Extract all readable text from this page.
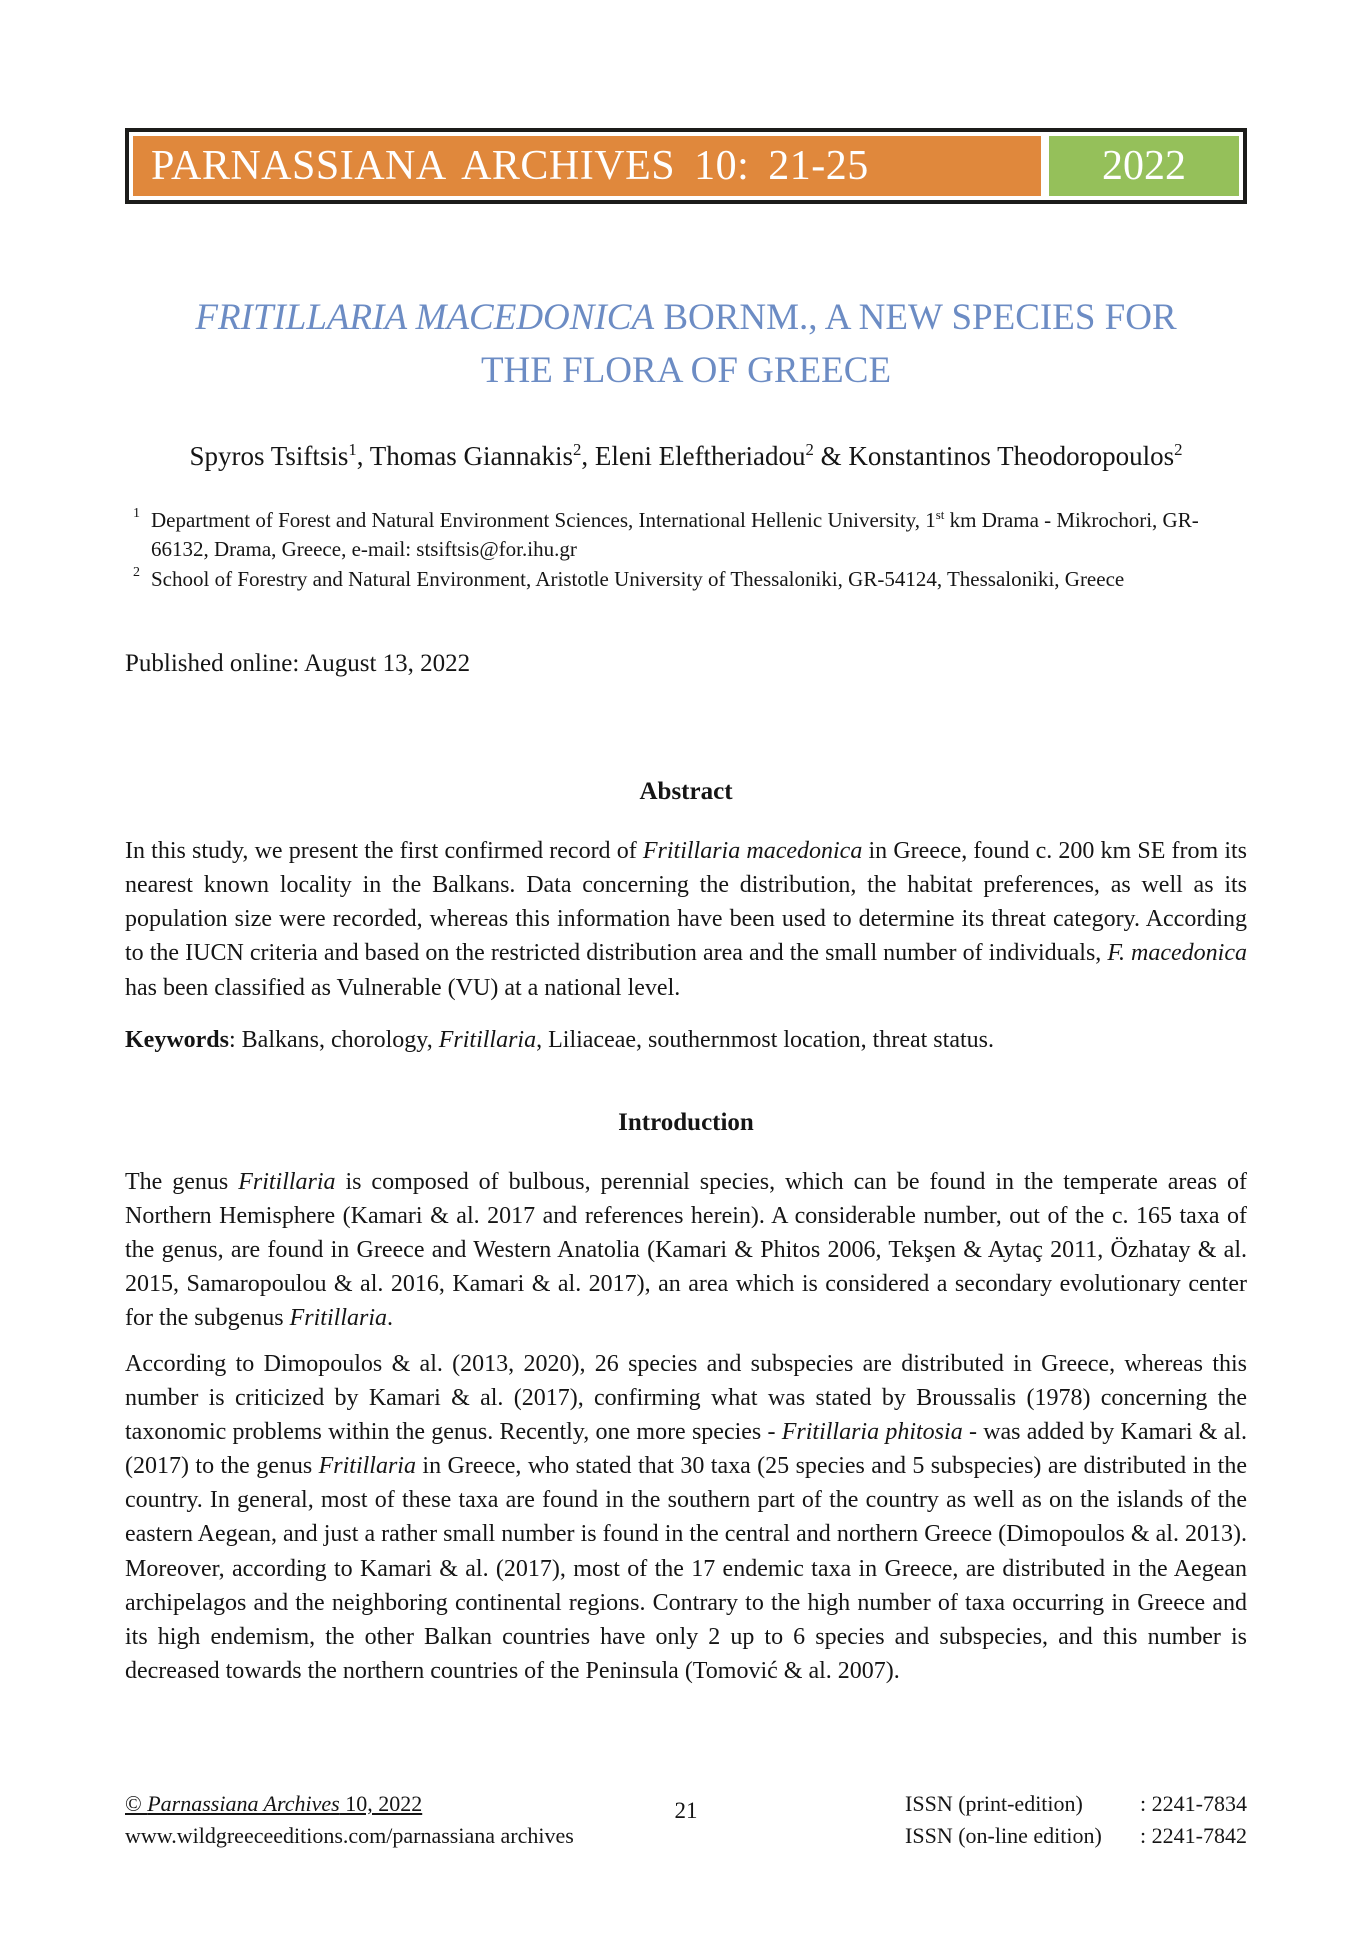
PARNASSIANA ARCHIVES 10: 21-25	2022
FRITILLARIA MACEDONICA BORNM., A NEW SPECIES FOR
THE FLORA OF GREECE
Spyros Tsiftsis$^1$, Thomas Giannakis$^2$, Eleni Eleftheriadou$^2$ & Konstantinos Theodoropoulos$^2$
1 Department of Forest and Natural Environment Sciences, International Hellenic University, 1st km Drama - Mikrochori, GR-66132, Drama, Greece, e-mail: stsiftsis@for.ihu.gr
2 School of Forestry and Natural Environment, Aristotle University of Thessaloniki, GR-54124, Thessaloniki, Greece
Published online: August 13, 2022
Abstract

In this study, we present the first confirmed record of Fritillaria macedonica in Greece, found c. 200 km SE from its nearest known locality in the Balkans. Data concerning the distribution, the habitat preferences, as well as its population size were recorded, whereas this information have been used to determine its threat category. According to the IUCN criteria and based on the restricted distribution area and the small number of individuals, F. macedonica has been classified as Vulnerable (VU) at a national level.

Keywords: Balkans, chorology, Fritillaria, Liliaceae, southernmost location, threat status.

Introduction

The genus Fritillaria is composed of bulbous, perennial species, which can be found in the temperate areas of Northern Hemisphere (Kamari & al. 2017 and references herein). A considerable number, out of the c. 165 taxa of the genus, are found in Greece and Western Anatolia (Kamari & Phitos 2006, Tekşen & Aytaç 2011, Özhatay & al. 2015, Samaropoulou & al. 2016, Kamari & al. 2017), an area which is considered a secondary evolutionary center for the subgenus Fritillaria.

According to Dimopoulos & al. (2013, 2020), 26 species and subspecies are distributed in Greece, whereas this number is criticized by Kamari & al. (2017), confirming what was stated by Broussalis (1978) concerning the taxonomic problems within the genus. Recently, one more species - Fritillaria phitosia - was added by Kamari & al. (2017) to the genus Fritillaria in Greece, who stated that 30 taxa (25 species and 5 subspecies) are distributed in the country. In general, most of these taxa are found in the southern part of the country as well as on the islands of the eastern Aegean, and just a rather small number is found in the central and northern Greece (Dimopoulos & al. 2013). Moreover, according to Kamari & al. (2017), most of the 17 endemic taxa in Greece, are distributed in the Aegean archipelagos and the neighboring continental regions. Contrary to the high number of taxa occurring in Greece and its high endemism, the other Balkan countries have only 2 up to 6 species and subspecies, and this number is decreased towards the northern countries of the Peninsula (Tomović & al. 2007).

© Parnassiana Archives 10, 2022
www.wildgreeceeditions.com/parnassiana archives
ISSN (print-edition)	: 2241-7834
ISSN (on-line edition)	: 2241-7842
21
